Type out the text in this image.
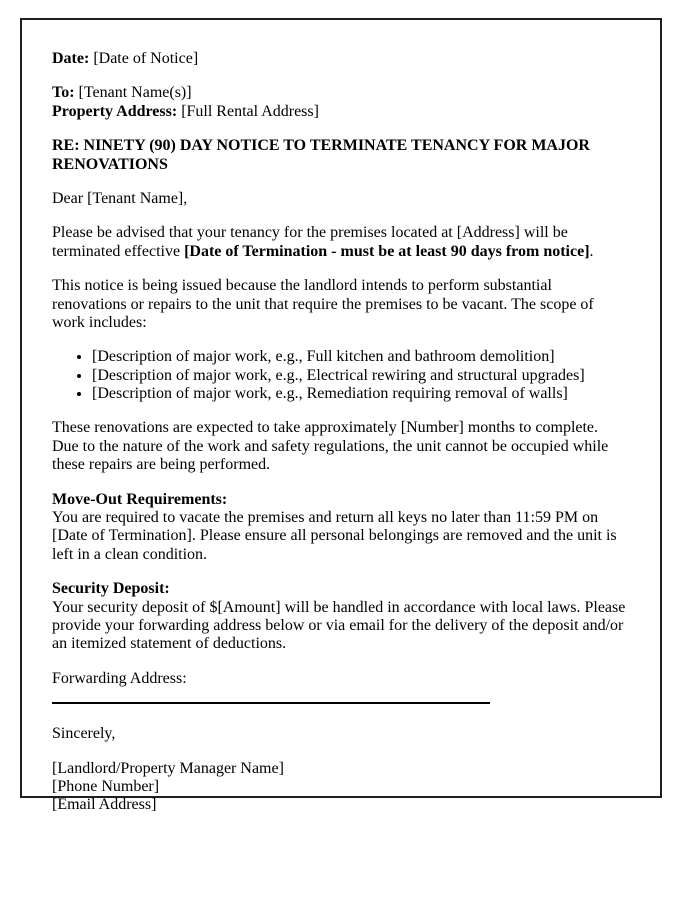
Date: [Date of Notice]

To: [Tenant Name(s)]
Property Address: [Full Rental Address]

RE: NINETY (90) DAY NOTICE TO TERMINATE TENANCY FOR MAJOR RENOVATIONS

Dear [Tenant Name],

Please be advised that your tenancy for the premises located at [Address] will be terminated effective [Date of Termination - must be at least 90 days from notice].

This notice is being issued because the landlord intends to perform substantial renovations or repairs to the unit that require the premises to be vacant. The scope of work includes:

• [Description of major work, e.g., Full kitchen and bathroom demolition]
• [Description of major work, e.g., Electrical rewiring and structural upgrades]
• [Description of major work, e.g., Remediation requiring removal of walls]

These renovations are expected to take approximately [Number] months to complete. Due to the nature of the work and safety regulations, the unit cannot be occupied while these repairs are being performed.

Move-Out Requirements:
You are required to vacate the premises and return all keys no later than 11:59 PM on [Date of Termination]. Please ensure all personal belongings are removed and the unit is left in a clean condition.

Security Deposit:
Your security deposit of $[Amount] will be handled in accordance with local laws. Please provide your forwarding address below or via email for the delivery of the deposit and/or an itemized statement of deductions.

Forwarding Address:

Sincerely,

[Landlord/Property Manager Name]
[Phone Number]
[Email Address]
